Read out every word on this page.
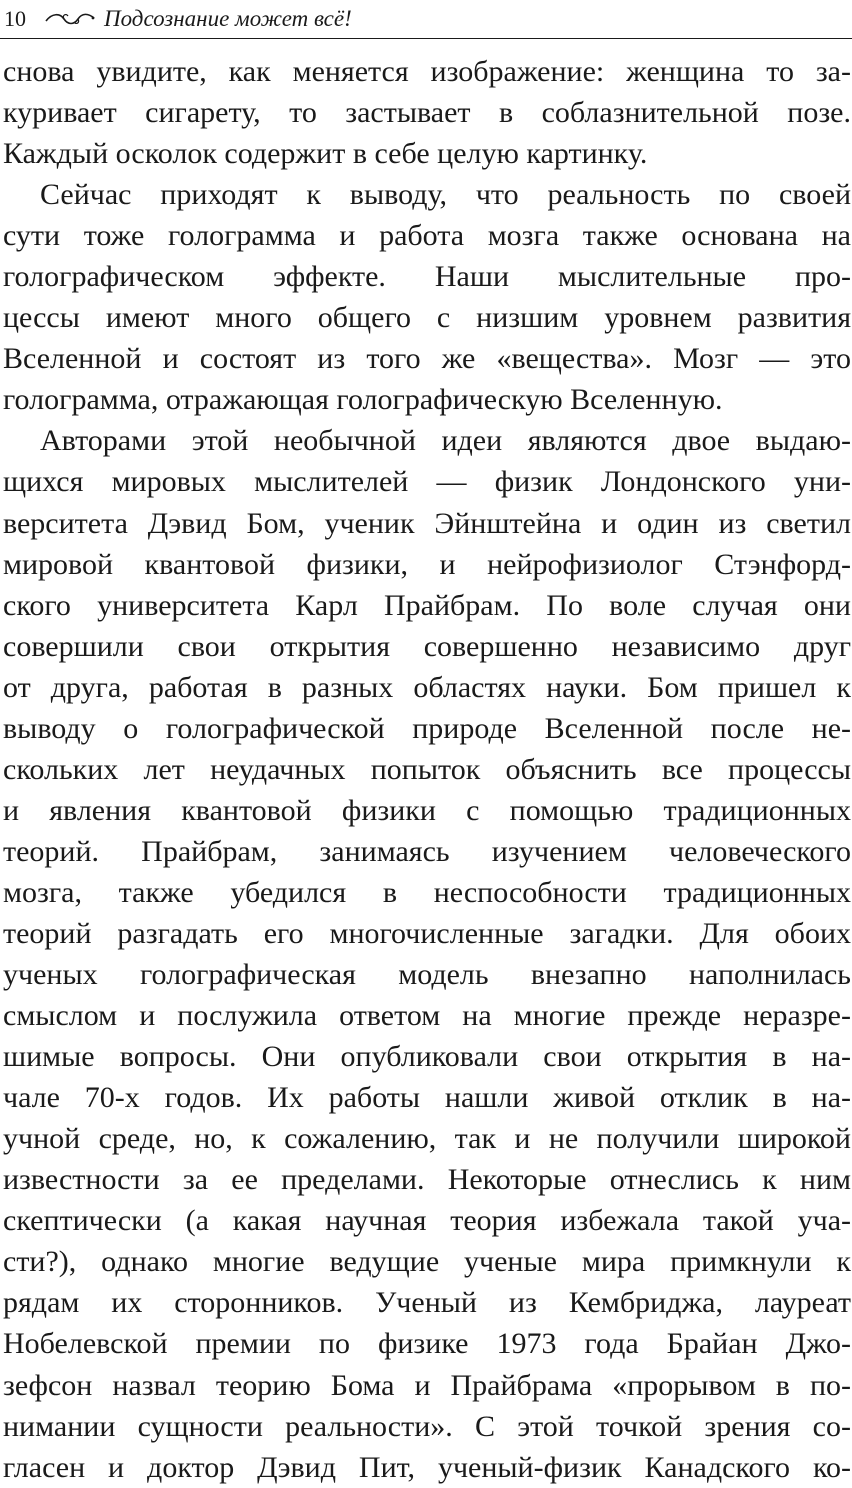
10	Подсознание может всё!
снова увидите, как меняется изображение: женщина то за-
куривает сигарету, то застывает в соблазнительной позе.
Каждый осколок содержит в себе целую картинку.
Сейчас приходят к выводу, что реальность по своей
сути тоже голограмма и работа мозга также основана на
голографическом эффекте. Наши мыслительные про-
цессы имеют много общего с низшим уровнем развития
Вселенной и состоят из того же «вещества». Мозг — это
голограмма, отражающая голографическую Вселенную.
Авторами этой необычной идеи являются двое выдаю-
щихся мировых мыслителей — физик Лондонского уни-
верситета Дэвид Бом, ученик Эйнштейна и один из светил
мировой квантовой физики, и нейрофизиолог Стэнфорд-
ского университета Карл Прайбрам. По воле случая они
совершили свои открытия совершенно независимо друг
от друга, работая в разных областях науки. Бом пришел к
выводу о голографической природе Вселенной после не-
скольких лет неудачных попыток объяснить все процессы
и явления квантовой физики с помощью традиционных
теорий. Прайбрам, занимаясь изучением человеческого
мозга, также убедился в неспособности традиционных
теорий разгадать его многочисленные загадки. Для обоих
ученых голографическая модель внезапно наполнилась
смыслом и послужила ответом на многие прежде неразре-
шимые вопросы. Они опубликовали свои открытия в на-
чале 70-х годов. Их работы нашли живой отклик в на-
учной среде, но, к сожалению, так и не получили широкой
известности за ее пределами. Некоторые отнеслись к ним
скептически (а какая научная теория избежала такой уча-
сти?), однако многие ведущие ученые мира примкнули к
рядам их сторонников. Ученый из Кембриджа, лауреат
Нобелевской премии по физике 1973 года Брайан Джо-
зефсон назвал теорию Бома и Прайбрама «прорывом в по-
нимании сущности реальности». С этой точкой зрения со-
гласен и доктор Дэвид Пит, ученый-физик Канадского ко-
